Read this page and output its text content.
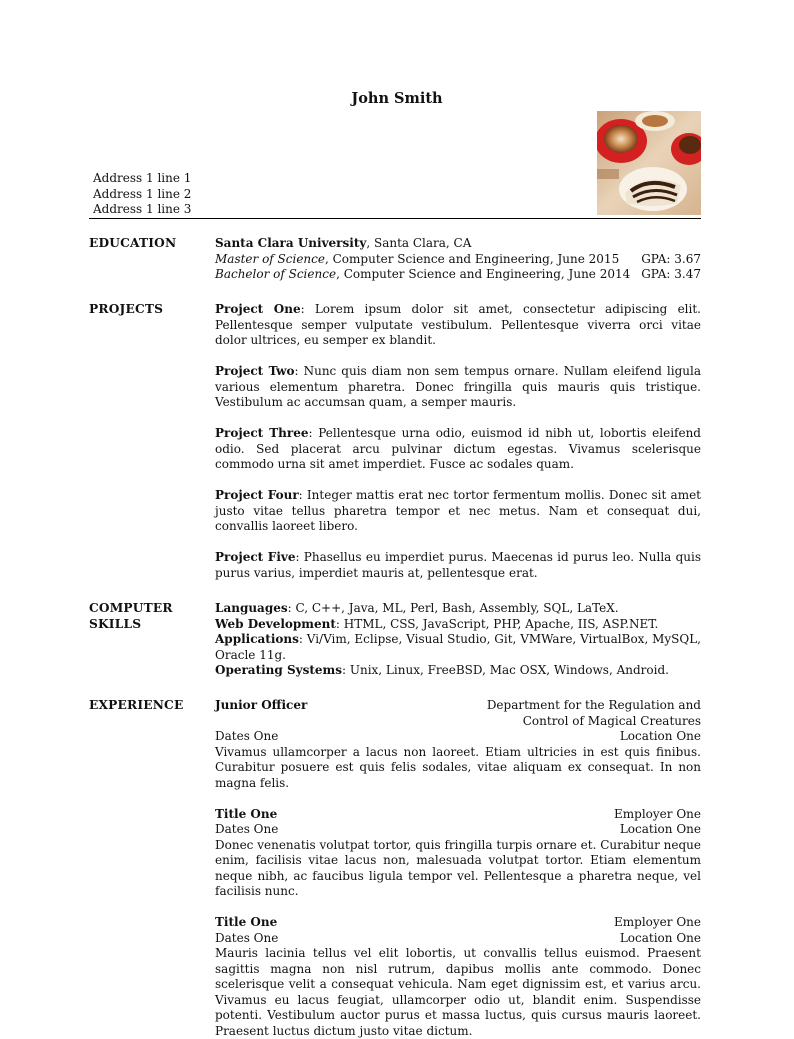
John Smith
Address 1 line 1
Address 1 line 2
Address 1 line 3
EDUCATION	Santa Clara University, Santa Clara, CA
Master of Science, Computer Science and Engineering, June 2015 GPA: 3.67
Bachelor of Science, Computer Science and Engineering, June 2014 GPA: 3.47
PROJECTS	Project One: Lorem ipsum dolor sit amet, consectetur adipiscing elit. Pellentesque semper vulputate vestibulum. Pellentesque viverra orci vitae dolor ultrices, eu semper ex blandit.

Project Two: Nunc quis diam non sem tempus ornare. Nullam eleifend ligula various elementum pharetra. Donec fringilla quis mauris quis tristique. Vestibulum ac accumsan quam, a semper mauris.

Project Three: Pellentesque urna odio, euismod id nibh ut, lobortis eleifend odio. Sed placerat arcu pulvinar dictum egestas. Vivamus scelerisque commodo urna sit amet imperdiet. Fusce ac sodales quam.

Project Four: Integer mattis erat nec tortor fermentum mollis. Donec sit amet justo vitae tellus pharetra tempor et nec metus. Nam et consequat dui, convallis laoreet libero.

Project Five: Phasellus eu imperdiet purus. Maecenas id purus leo. Nulla quis purus varius, imperdiet mauris at, pellentesque erat.

COMPUTER
SKILLS
Languages: C, C++, Java, ML, Perl, Bash, Assembly, SQL, LaTeX.
Web Development: HTML, CSS, JavaScript, PHP, Apache, IIS, ASP.NET.
Applications: Vi/Vim, Eclipse, Visual Studio, Git, VMWare, VirtualBox, MySQL, Oracle 11g.
Operating Systems: Unix, Linux, FreeBSD, Mac OSX, Windows, Android.
EXPERIENCE	Junior Officer	Department for the Regulation and
Control of Magical Creatures
Dates One	Location One

Vivamus ullamcorper a lacus non laoreet. Etiam ultricies in est quis finibus. Curabitur posuere est quis felis sodales, vitae aliquam ex consequat. In non magna felis.

Title One	Employer One
Dates One	Location One

Donec venenatis volutpat tortor, quis fringilla turpis ornare et. Curabitur neque enim, facilisis vitae lacus non, malesuada volutpat tortor. Etiam elementum neque nibh, ac faucibus ligula tempor vel. Pellentesque a pharetra neque, vel facilisis nunc.

Title One	Employer One
Dates One	Location One

Mauris lacinia tellus vel elit lobortis, ut convallis tellus euismod. Praesent sagittis magna non nisl rutrum, dapibus mollis ante commodo. Donec scelerisque velit a consequat vehicula. Nam eget dignissim est, et varius arcu. Vivamus eu lacus feugiat, ullamcorper odio ut, blandit enim. Suspendisse potenti. Vestibulum auctor purus et massa luctus, quis cursus mauris laoreet. Praesent luctus dictum justo vitae dictum.
